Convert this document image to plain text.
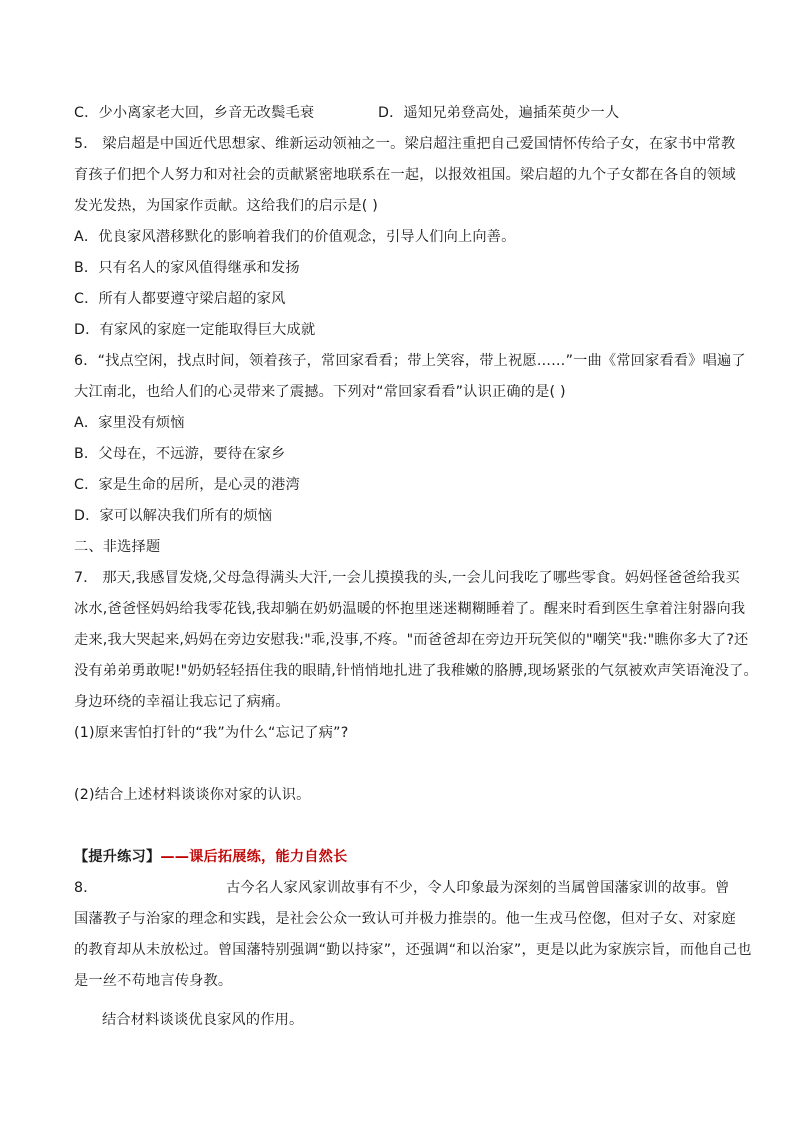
C．少小离家老大回，乡音无改鬓毛衰	D．遥知兄弟登高处，遍插茱萸少一人
5． 梁启超是中国近代思想家、维新运动领袖之一。梁启超注重把自己爱国情怀传给子女，在家书中常教
育孩子们把个人努力和对社会的贡献紧密地联系在一起，以报效祖国。梁启超的九个子女都在各自的领域
发光发热，为国家作贡献。这给我们的启示是( )
A．优良家风潜移默化的影响着我们的价值观念，引导人们向上向善。
B．只有名人的家风值得继承和发扬
C．所有人都要遵守梁启超的家风
D．有家风的家庭一定能取得巨大成就
6．“找点空闲，找点时间，领着孩子，常回家看看；带上笑容，带上祝愿……”一曲《常回家看看》唱遍了
大江南北，也给人们的心灵带来了震撼。下列对“常回家看看”认识正确的是( )
A．家里没有烦恼
B．父母在，不远游，要待在家乡
C．家是生命的居所，是心灵的港湾
D．家可以解决我们所有的烦恼
二、非选择题
7． 那天,我感冒发烧,父母急得满头大汗,一会儿摸摸我的头,一会儿问我吃了哪些零食。妈妈怪爸爸给我买
冰水,爸爸怪妈妈给我零花钱,我却躺在奶奶温暖的怀抱里迷迷糊糊睡着了。醒来时看到医生拿着注射器向我
走来,我大哭起来,妈妈在旁边安慰我:"乖,没事,不疼。"而爸爸却在旁边开玩笑似的"嘲笑"我:"瞧你多大了?还
没有弟弟勇敢呢!"奶奶轻轻捂住我的眼睛,针悄悄地扎进了我稚嫩的胳膊,现场紧张的气氛被欢声笑语淹没了。
身边环绕的幸福让我忘记了病痛。
(1)原来害怕打针的“我”为什么“忘记了病”?
(2)结合上述材料谈谈你对家的认识。
【提升练习】——课后拓展练，能力自然长
8．	古今名人家风家训故事有不少，令人印象最为深刻的当属曾国藩家训的故事。曾
国藩教子与治家的理念和实践，是社会公众一致认可并极力推崇的。他一生戎马倥偬，但对子女、对家庭
的教育却从未放松过。曾国藩特别强调“勤以持家”，还强调“和以治家”，更是以此为家族宗旨，而他自己也
是一丝不苟地言传身教。
结合材料谈谈优良家风的作用。
